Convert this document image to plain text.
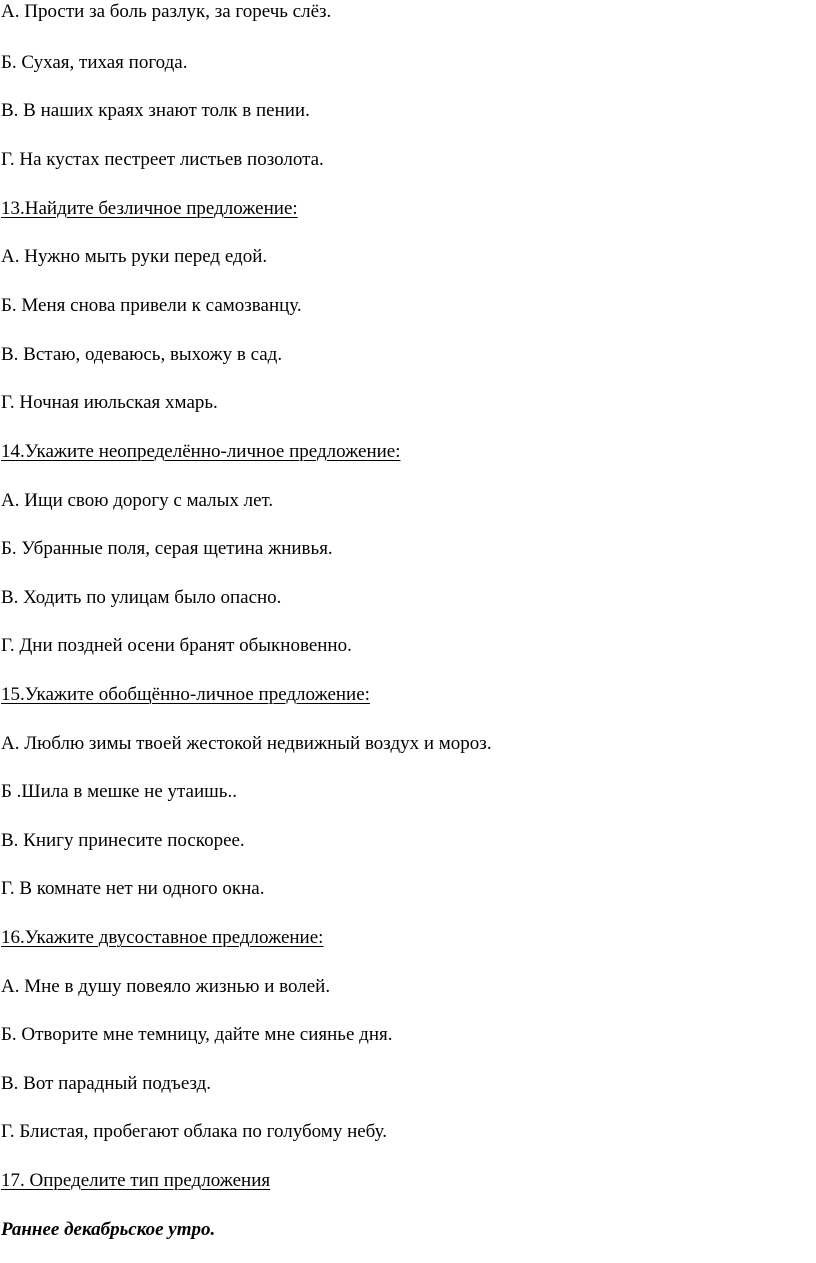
А. Прости за боль разлук, за горечь слёз.

Б. Сухая, тихая погода.

В. В наших краях знают толк в пении.

Г. На кустах пестреет листьев позолота.

13.Найдите безличное предложение:

А. Нужно мыть руки перед едой.

Б. Меня снова привели к самозванцу.

В. Встаю, одеваюсь, выхожу в сад.

Г. Ночная июльская хмарь.

14.Укажите неопределённо-личное предложение:

А. Ищи свою дорогу с малых лет.

Б. Убранные поля, серая щетина жнивья.

В. Ходить по улицам было опасно.

Г. Дни поздней осени бранят обыкновенно.

15.Укажите обобщённо-личное предложение:

А. Люблю зимы твоей жестокой недвижный воздух и мороз.

Б .Шила в мешке не утаишь..

В. Книгу принесите поскорее.

Г. В комнате нет ни одного окна.

16.Укажите двусоставное предложение:

А. Мне в душу повеяло жизнью и волей.

Б. Отворите мне темницу, дайте мне сиянье дня.

В. Вот парадный подъезд.

Г. Блистая, пробегают облака по голубому небу.

17. Определите тип предложения

Раннее декабрьское утро.
